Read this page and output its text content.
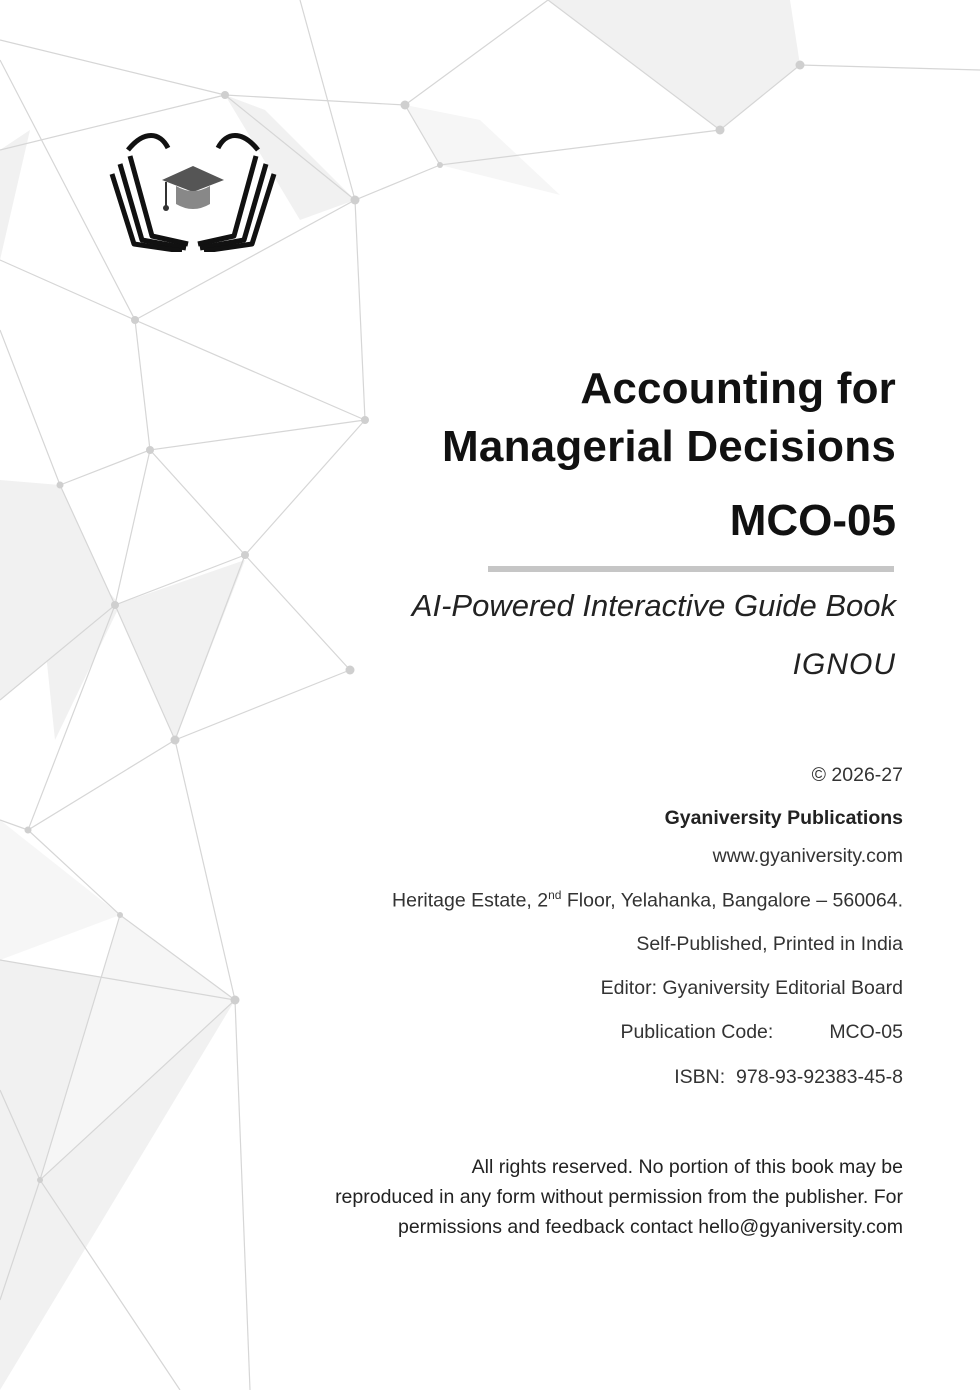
Accounting for
Managerial Decisions
MCO-05
AI-Powered Interactive Guide Book
IGNOU
© 2026-27
Gyaniversity Publications
www.gyaniversity.com
Heritage Estate, 2nd Floor, Yelahanka, Bangalore – 560064.
Self-Published, Printed in India
Editor: Gyaniversity Editorial Board
Publication Code:	MCO-05
ISBN: 978-93-92383-45-8
All rights reserved. No portion of this book may be
reproduced in any form without permission from the publisher. For
permissions and feedback contact hello@gyaniversity.com
